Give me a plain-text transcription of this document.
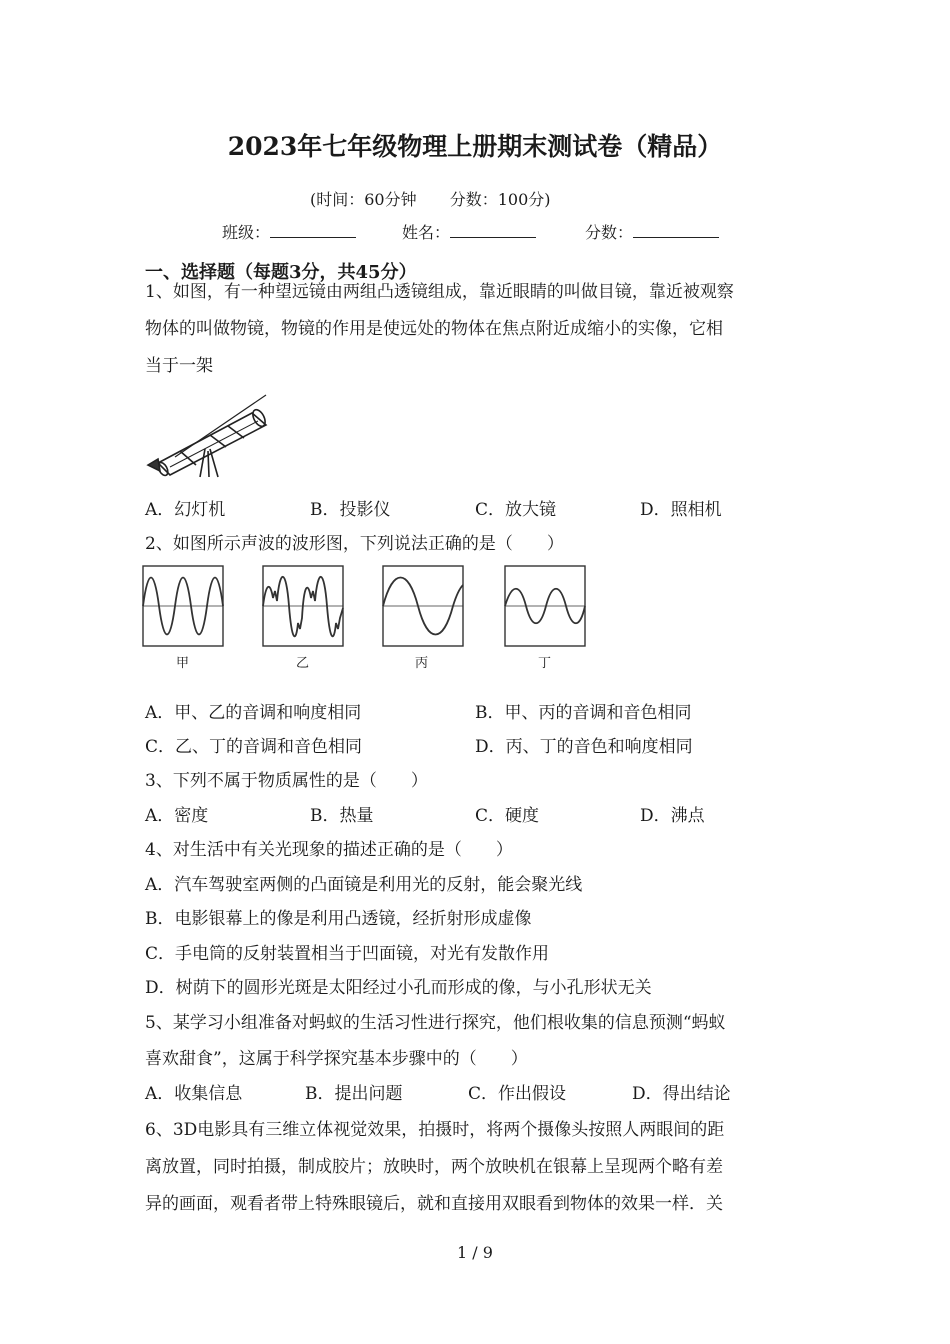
2023年七年级物理上册期末测试卷（精品）
(时间：60分钟 分数：100分)
班级：	姓名：	分数：
一、选择题（每题3分，共45分）
1、如图，有一种望远镜由两组凸透镜组成，靠近眼睛的叫做目镜，靠近被观察
物体的叫做物镜，物镜的作用是使远处的物体在焦点附近成缩小的实像，它相
当于一架
A．幻灯机	B．投影仪	C．放大镜	D．照相机
2、如图所示声波的波形图，下列说法正确的是（　　）
甲	乙	丙	丁
A．甲、乙的音调和响度相同	B．甲、丙的音调和音色相同
C．乙、丁的音调和音色相同	D．丙、丁的音色和响度相同
3、下列不属于物质属性的是（　　）
A．密度	B．热量	C．硬度	D．沸点
4、对生活中有关光现象的描述正确的是（　　）
A．汽车驾驶室两侧的凸面镜是利用光的反射，能会聚光线
B．电影银幕上的像是利用凸透镜，经折射形成虚像
C．手电筒的反射装置相当于凹面镜，对光有发散作用
D．树荫下的圆形光斑是太阳经过小孔而形成的像，与小孔形状无关
5、某学习小组准备对蚂蚁的生活习性进行探究，他们根收集的信息预测“蚂蚁
喜欢甜食”，这属于科学探究基本步骤中的（　　）
A．收集信息	B．提出问题	C．作出假设	D．得出结论
6、3D电影具有三维立体视觉效果，拍摄时，将两个摄像头按照人两眼间的距
离放置，同时拍摄，制成胶片；放映时，两个放映机在银幕上呈现两个略有差
异的画面，观看者带上特殊眼镜后，就和直接用双眼看到物体的效果一样．关
1 / 9
